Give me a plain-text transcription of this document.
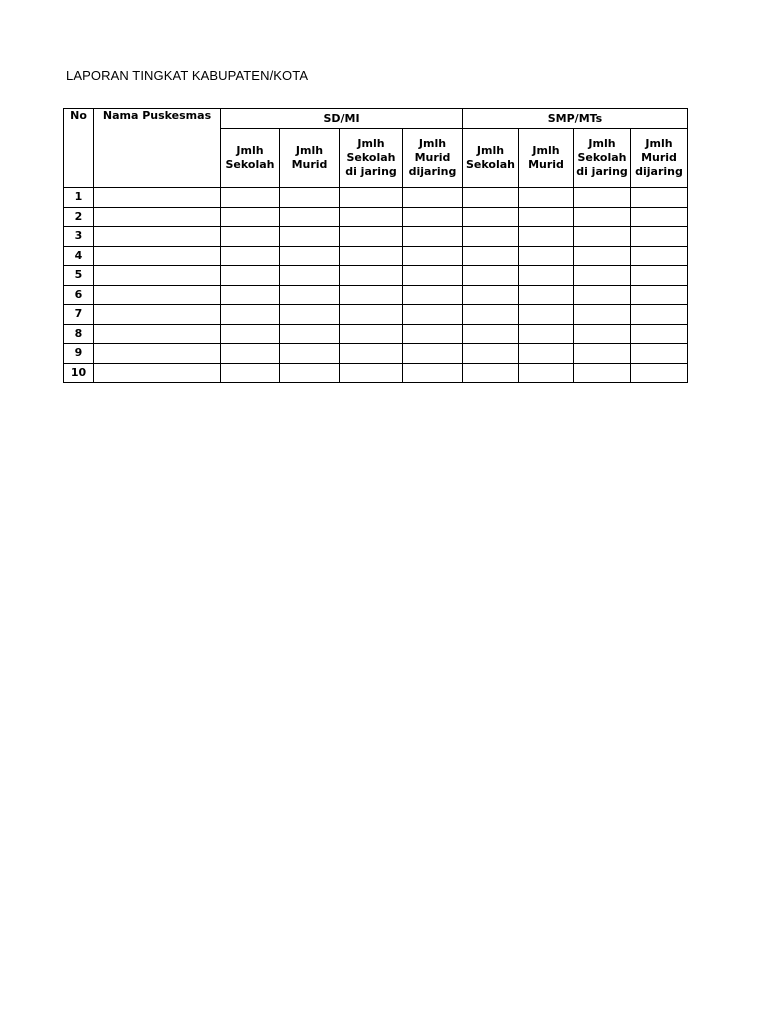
LAPORAN TINGKAT KABUPATEN/KOTA
No	Nama Puskesmas	SD/MI				SMP/MTs			
		Jmlh Sekolah	Jmlh Murid	Jmlh Sekolah di jaring	Jmlh Murid dijaring	Jmlh Sekolah	Jmlh Murid	Jmlh Sekolah di jaring	Jmlh Murid dijaring
1									
2									
3									
4									
5									
6									
7									
8									
9									
10									
